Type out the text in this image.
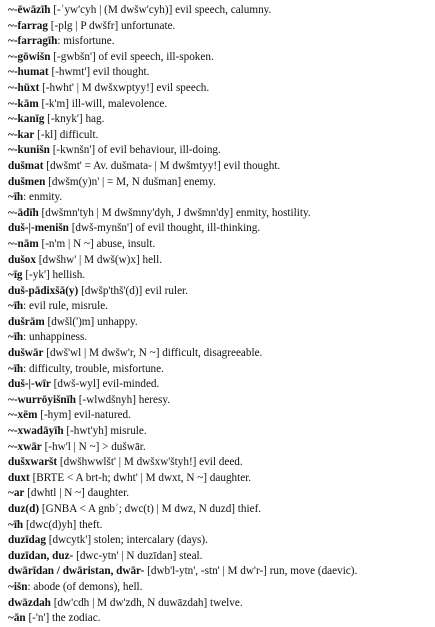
~-ēwāzīh [-ʾyw'cyh | (M dwšw'cyh)] evil speech, calumny.
~-farrag [-plg | P dwšfr] unfortunate.
~-farragīh: misfortune.
~-gōwišn [-gwbšn'] of evil speech, ill-spoken.
~-humat [-hwmt'] evil thought.
~-hūxt [-hwht' | M dwšxwptyy!] evil speech.
~-kām [-k'm] ill-will, malevolence.
~-kanīg [-knyk'] hag.
~-kar [-kl] difficult.
~-kunišn [-kwnšn'] of evil behaviour, ill-doing.
dušmat [dwšmt' = Av. dušmata- | M dwšmtyy!] evil thought.
dušmen [dwšm(y)n' | = M, N dušman] enemy.
~īh: enmity.
~-ādīh [dwšmn'tyh | M dwšmny'dyh, J dwšmn'dy] enmity, hostility.
duš-|-menišn [dwš-mynšn'] of evil thought, ill-thinking.
~-nām [-n'm | N ~] abuse, insult.
dušox [dwšhw' | M dwš(w)x] hell.
~īg [-yk'] hellish.
duš-pādixšā(y) [dwšp'thš'(d)] evil ruler.
~īh: evil rule, misrule.
dušrām [dwšl(')m] unhappy.
~īh: unhappiness.
dušwār [dwš'wl | M dwšw'r, N ~] difficult, disagreeable.
~īh: difficulty, trouble, misfortune.
duš-|-wīr [dwš-wyl] evil-minded.
~-wurrōyišnīh [-wlwdšnyh] heresy.
~-xēm [-hym] evil-natured.
~-xwadāyīh [-hwt'yh] misrule.
~-xwār [-hw'l | N ~] > dušwār.
dušxwaršt [dwšhwwlšt' | M dwšxw'štyh!] evil deed.
duxt [BRTE < A brt-h; dwht' | M dwxt, N ~] daughter.
~ar [dwhtl | N ~] daughter.
duz(d) [GNBA < A gnbʾ; dwc(t) | M dwz, N duzd] thief.
~īh [dwc(d)yh] theft.
duzīdag [dwcytk'] stolen; intercalary (days).
duzīdan, duz- [dwc-ytn' | N duzīdan] steal.
dwārīdan / dwāristan, dwār- [dwb'l-ytn', -stn' | M dw'r-] run, move (daevic).
~išn: abode (of demons), hell.
dwāzdah [dw'cdh | M dw'zdh, N duwāzdah] twelve.
~ān [-'n'] the zodiac.
